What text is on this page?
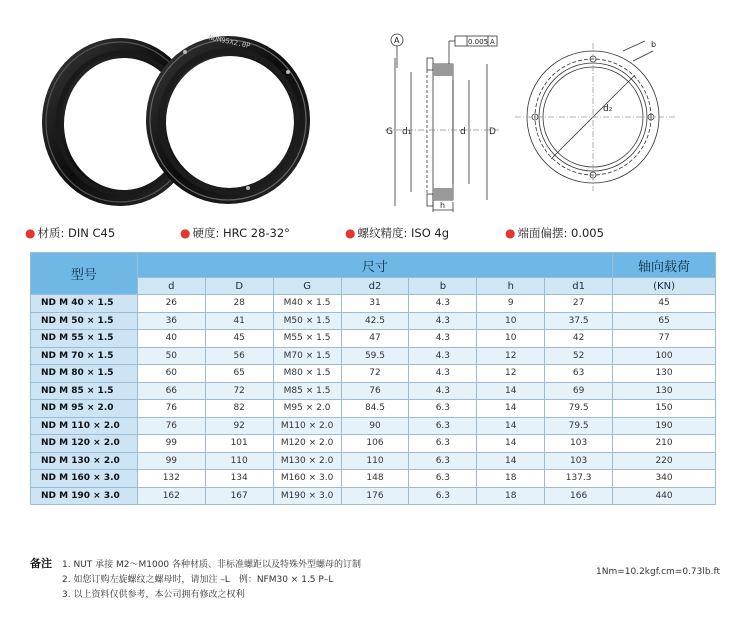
NDM95X2.0P	A	0.005 A
G d₁	d	D
h
b
d₂
● 材质: DIN C45	● 硬度: HRC 28-32°	● 螺纹精度: ISO 4g	● 端面偏摆: 0.005
型号	尺寸							轴向载荷
	d	D	G	d2	b	h	d1	(KN)
ND M 40 × 1.5	26	28	M40 × 1.5	31	4.3	9	27	45
ND M 50 × 1.5	36	41	M50 × 1.5	42.5	4.3	10	37.5	65
ND M 55 × 1.5	40	45	M55 × 1.5	47	4.3	10	42	77
ND M 70 × 1.5	50	56	M70 × 1.5	59.5	4.3	12	52	100
ND M 80 × 1.5	60	65	M80 × 1.5	72	4.3	12	63	130
ND M 85 × 1.5	66	72	M85 × 1.5	76	4.3	14	69	130
ND M 95 × 2.0	76	82	M95 × 2.0	84.5	6.3	14	79.5	150
ND M 110 × 2.0	76	92	M110 × 2.0	90	6.3	14	79.5	190
ND M 120 × 2.0	99	101	M120 × 2.0	106	6.3	14	103	210
ND M 130 × 2.0	99	110	M130 × 2.0	110	6.3	14	103	220
ND M 160 × 3.0	132	134	M160 × 3.0	148	6.3	18	137.3	340
ND M 190 × 3.0	162	167	M190 × 3.0	176	6.3	18	166	440
备注 1. NUT 承接 M2～M1000 各种材质、非标准螺距以及特殊外型螺母的订制
2. 如您订购左旋螺纹之螺母时，请加注 –L　例：NFM30 × 1.5 P–L
3. 以上资料仅供参考，本公司拥有修改之权利
1Nm=10.2kgf.cm=0.73lb.ft
